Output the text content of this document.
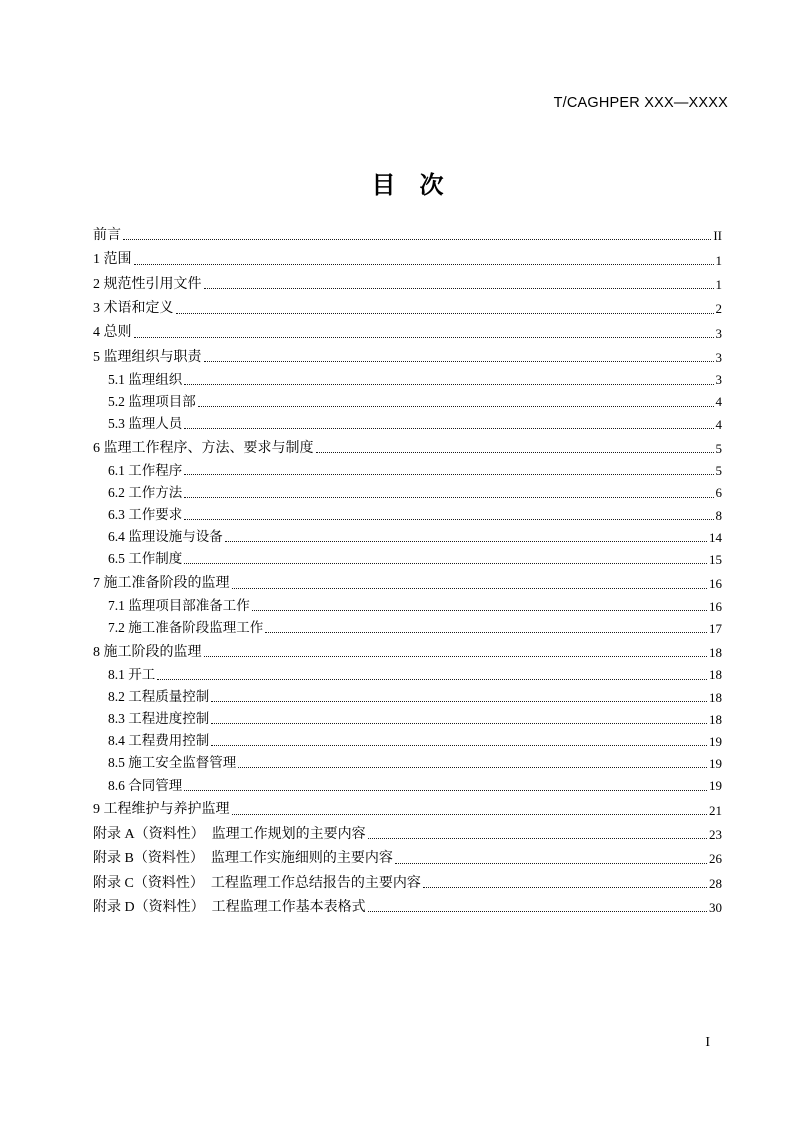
T/CAGHPER XXX—XXXX
目　次
前言	II
1 范围	1
2 规范性引用文件	1
3 术语和定义	2
4 总则	3
5 监理组织与职责	3
5.1 监理组织	3
5.2 监理项目部	4
5.3 监理人员	4
6 监理工作程序、方法、要求与制度	5
6.1 工作程序	5
6.2 工作方法	6
6.3 工作要求	8
6.4 监理设施与设备	14
6.5 工作制度	15
7 施工准备阶段的监理	16
7.1 监理项目部准备工作	16
7.2 施工准备阶段监理工作	17
8 施工阶段的监理	18
8.1 开工	18
8.2 工程质量控制	18
8.3 工程进度控制	18
8.4 工程费用控制	19
8.5 施工安全监督管理	19
8.6 合同管理	19
9 工程维护与养护监理	21
附录 A（资料性）　监理工作规划的主要内容	23
附录 B（资料性）　监理工作实施细则的主要内容	26
附录 C（资料性）　工程监理工作总结报告的主要内容	28
附录 D（资料性）　工程监理工作基本表格式	30
I
